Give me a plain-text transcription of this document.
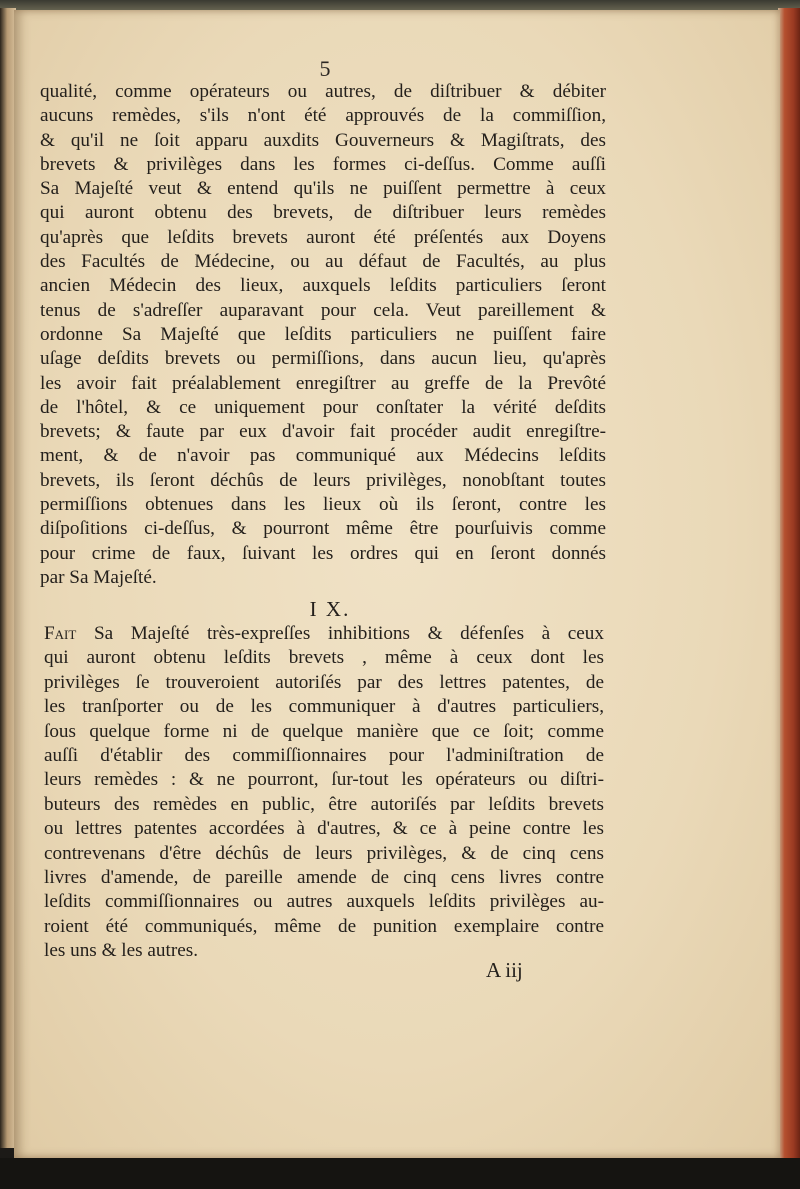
5
qualité, comme opérateurs ou autres, de diſtribuer & débiter
aucuns remèdes, s'ils n'ont été approuvés de la commiſſion,
& qu'il ne ſoit apparu auxdits Gouverneurs & Magiſtrats, des
brevets & privilèges dans les formes ci-deſſus. Comme auſſi
Sa Majeſté veut & entend qu'ils ne puiſſent permettre à ceux
qui auront obtenu des brevets, de diſtribuer leurs remèdes
qu'après que leſdits brevets auront été préſentés aux Doyens
des Facultés de Médecine, ou au défaut de Facultés, au plus
ancien Médecin des lieux, auxquels leſdits particuliers ſeront
tenus de s'adreſſer auparavant pour cela. Veut pareillement &
ordonne Sa Majeſté que leſdits particuliers ne puiſſent faire
uſage deſdits brevets ou permiſſions, dans aucun lieu, qu'après
les avoir fait préalablement enregiſtrer au greffe de la Prevôté
de l'hôtel, & ce uniquement pour conſtater la vérité deſdits
brevets; & faute par eux d'avoir fait procéder audit enregiſtre-
ment, & de n'avoir pas communiqué aux Médecins leſdits
brevets, ils ſeront déchûs de leurs privilèges, nonobſtant toutes
permiſſions obtenues dans les lieux où ils ſeront, contre les
diſpoſitions ci-deſſus, & pourront même être pourſuivis comme
pour crime de faux, ſuivant les ordres qui en ſeront donnés
par Sa Majeſté.
I X.
Fait Sa Majeſté très-expreſſes inhibitions & défenſes à ceux
qui auront obtenu leſdits brevets , même à ceux dont les
privilèges ſe trouveroient autoriſés par des lettres patentes, de
les tranſporter ou de les communiquer à d'autres particuliers,
ſous quelque forme ni de quelque manière que ce ſoit; comme
auſſi d'établir des commiſſionnaires pour l'adminiſtration de
leurs remèdes : & ne pourront, ſur-tout les opérateurs ou diſtri-
buteurs des remèdes en public, être autoriſés par leſdits brevets
ou lettres patentes accordées à d'autres, & ce à peine contre les
contrevenans d'être déchûs de leurs privilèges, & de cinq cens
livres d'amende, de pareille amende de cinq cens livres contre
leſdits commiſſionnaires ou autres auxquels leſdits privilèges au-
roient été communiqués, même de punition exemplaire contre
les uns & les autres.
A iij
